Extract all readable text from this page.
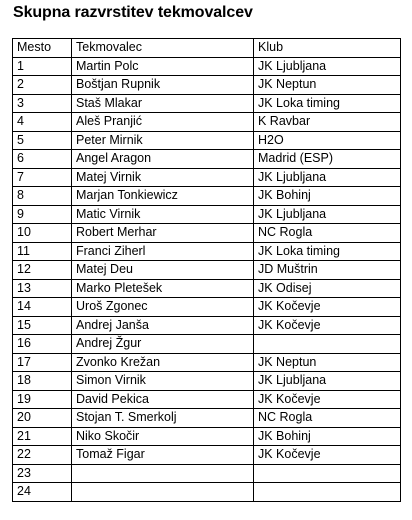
Skupna razvrstitev tekmovalcev
Mesto	Tekmovalec	Klub
1	Martin Polc	JK Ljubljana
2	Boštjan Rupnik	JK Neptun
3	Staš Mlakar	JK Loka timing
4	Aleš Pranjić	K Ravbar
5	Peter Mirnik	H2O
6	Angel Aragon	Madrid (ESP)
7	Matej Virnik	JK Ljubljana
8	Marjan Tonkiewicz	JK Bohinj
9	Matic Virnik	JK Ljubljana
10	Robert Merhar	NC Rogla
11	Franci Ziherl	JK Loka timing
12	Matej Deu	JD Muštrin
13	Marko Pletešek	JK Odisej
14	Uroš Zgonec	JK Kočevje
15	Andrej Janša	JK Kočevje
16	Andrej Žgur	
17	Zvonko Krežan	JK Neptun
18	Simon Virnik	JK Ljubljana
19	David Pekica	JK Kočevje
20	Stojan T. Smerkolj	NC Rogla
21	Niko Skočir	JK Bohinj
22	Tomaž Figar	JK Kočevje
23		
24		
